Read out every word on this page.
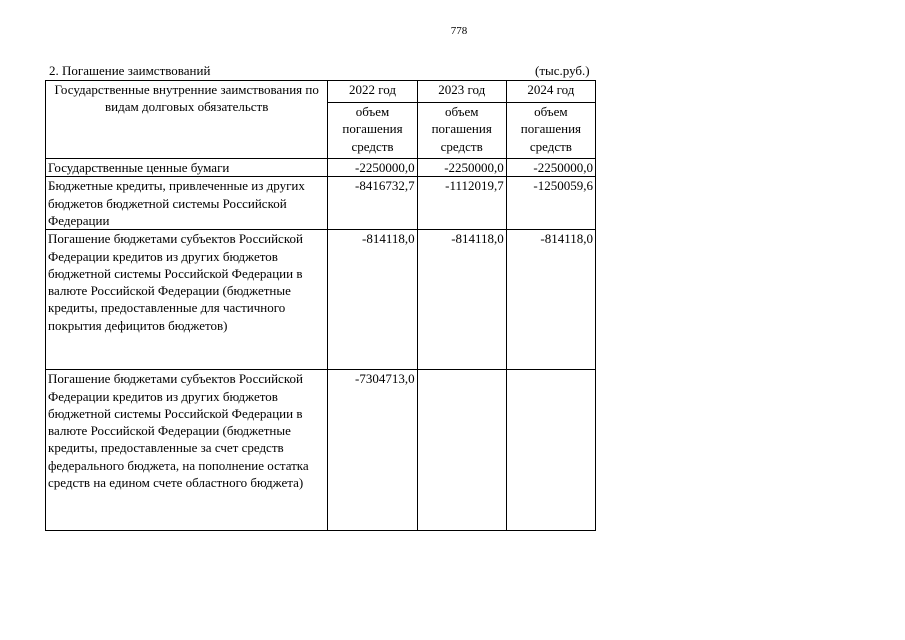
778
2. Погашение заимствований	(тыс.руб.)
Государственные внутренние заимствования по видам долговых обязательств	2022 год	2023 год	2024 год
	объем погашения средств	объем погашения средств	объем погашения средств
Государственные ценные бумаги	-2250000,0	-2250000,0	-2250000,0
Бюджетные кредиты, привлеченные из других бюджетов бюджетной системы Российской Федерации	-8416732,7	-1112019,7	-1250059,6
Погашение бюджетами субъектов Российской Федерации кредитов из других бюджетов бюджетной системы Российской Федерации в валюте Российской Федерации (бюджетные кредиты, предоставленные для частичного покрытия дефицитов бюджетов)	-814118,0	-814118,0	-814118,0
Погашение бюджетами субъектов Российской Федерации кредитов из других бюджетов бюджетной системы Российской Федерации в валюте Российской Федерации (бюджетные кредиты, предоставленные за счет средств федерального бюджета, на пополнение остатка средств на едином счете областного бюджета)	-7304713,0		
